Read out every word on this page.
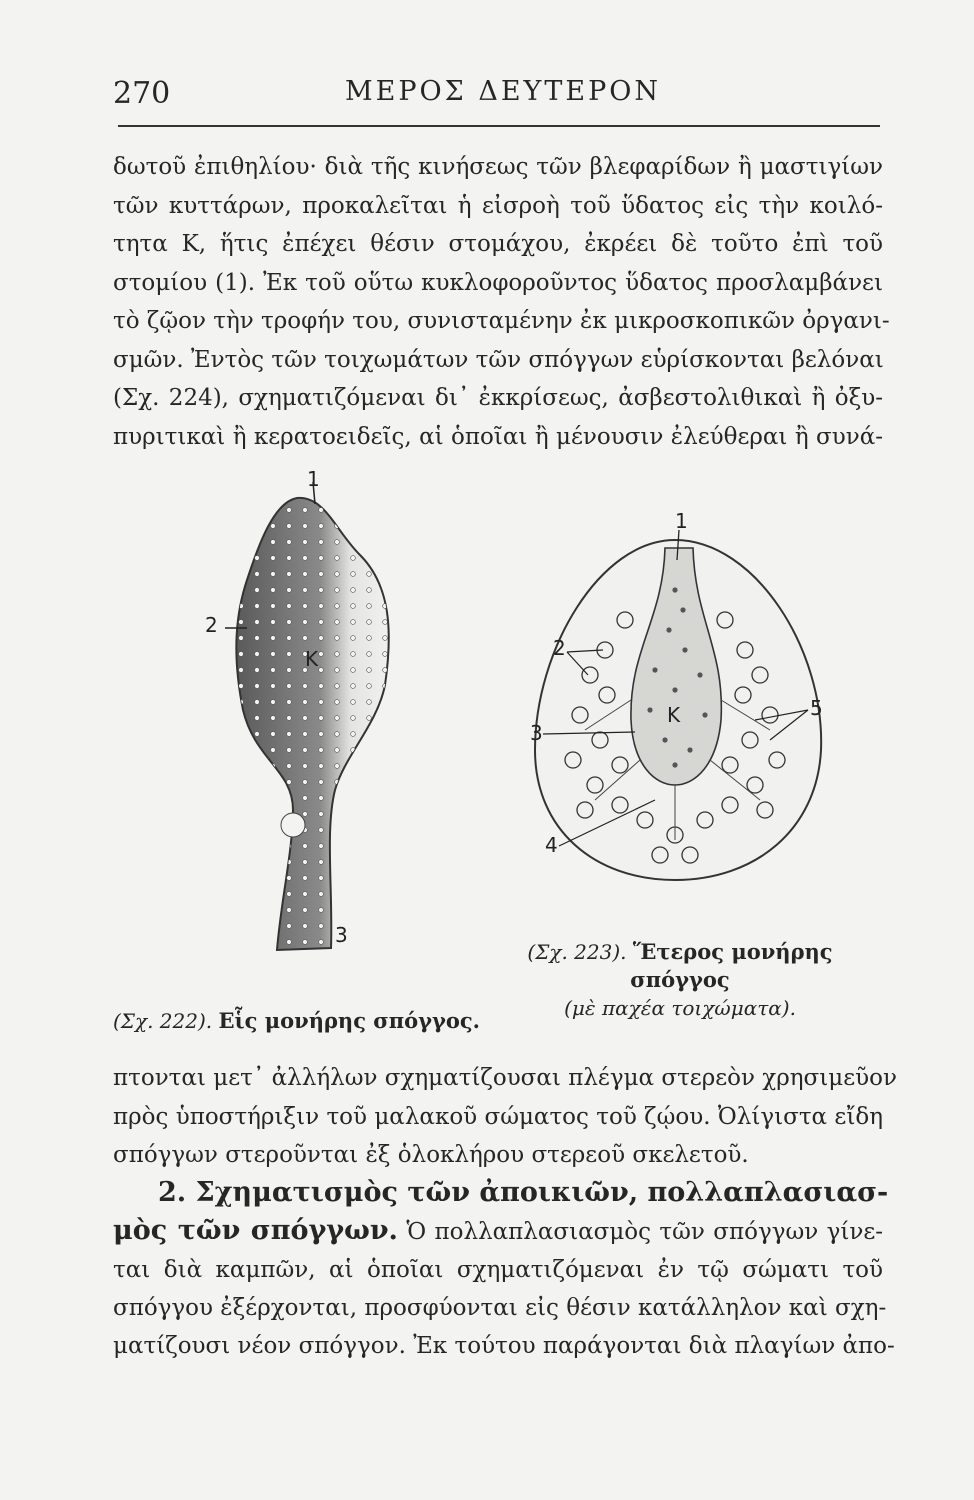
270	ΜΕΡΟΣ ΔΕΥΤΕΡΟΝ
δωτοῦ ἐπιθηλίου· διὰ τῆς κινήσεως τῶν βλεφαρίδων ἢ μαστιγίων
τῶν κυττάρων, προκαλεῖται ἡ εἰσροὴ τοῦ ὕδατος εἰς τὴν κοιλό-
τητα Κ, ἥτις ἐπέχει θέσιν στομάχου, ἐκρέει δὲ τοῦτο ἐπὶ τοῦ
στομίου (1). Ἐκ τοῦ οὕτω κυκλοφοροῦντος ὕδατος προσλαμβάνει
τὸ ζῷον τὴν τροφήν του, συνισταμένην ἐκ μικροσκοπικῶν ὀργανι-
σμῶν. Ἐντὸς τῶν τοιχωμάτων τῶν σπόγγων εὑρίσκονται βελόναι
(Σχ. 224), σχηματιζόμεναι δι᾽ ἐκκρίσεως, ἀσβεστολιθικαὶ ἢ ὀξυ-
πυριτικαὶ ἢ κερατοειδεῖς, αἱ ὁποῖαι ἢ μένουσιν ἐλεύθεραι ἢ συνά-
1
2
3
K
(Σχ. 222). Εἷς μονήρης σπόγγος.
1
2
3
4
5
K
(Σχ. 223). Ἕτερος μονήρης
σπόγγος
(μὲ παχέα τοιχώματα).
πτονται μετ᾽ ἀλλήλων σχηματίζουσαι πλέγμα στερεὸν χρησιμεῦον
πρὸς ὑποστήριξιν τοῦ μαλακοῦ σώματος τοῦ ζῴου. Ὀλίγιστα εἴδη
σπόγγων στεροῦνται ἐξ ὁλοκλήρου στερεοῦ σκελετοῦ.
2. Σχηματισμὸς τῶν ἀποικιῶν, πολλαπλασιασ-
μὸς τῶν σπόγγων. Ὁ πολλαπλασιασμὸς τῶν σπόγγων γίνε-
ται διὰ καμπῶν, αἱ ὁποῖαι σχηματιζόμεναι ἐν τῷ σώματι τοῦ
σπόγγου ἐξέρχονται, προσφύονται εἰς θέσιν κατάλληλον καὶ σχη-
ματίζουσι νέον σπόγγον. Ἐκ τούτου παράγονται διὰ πλαγίων ἀπο-
